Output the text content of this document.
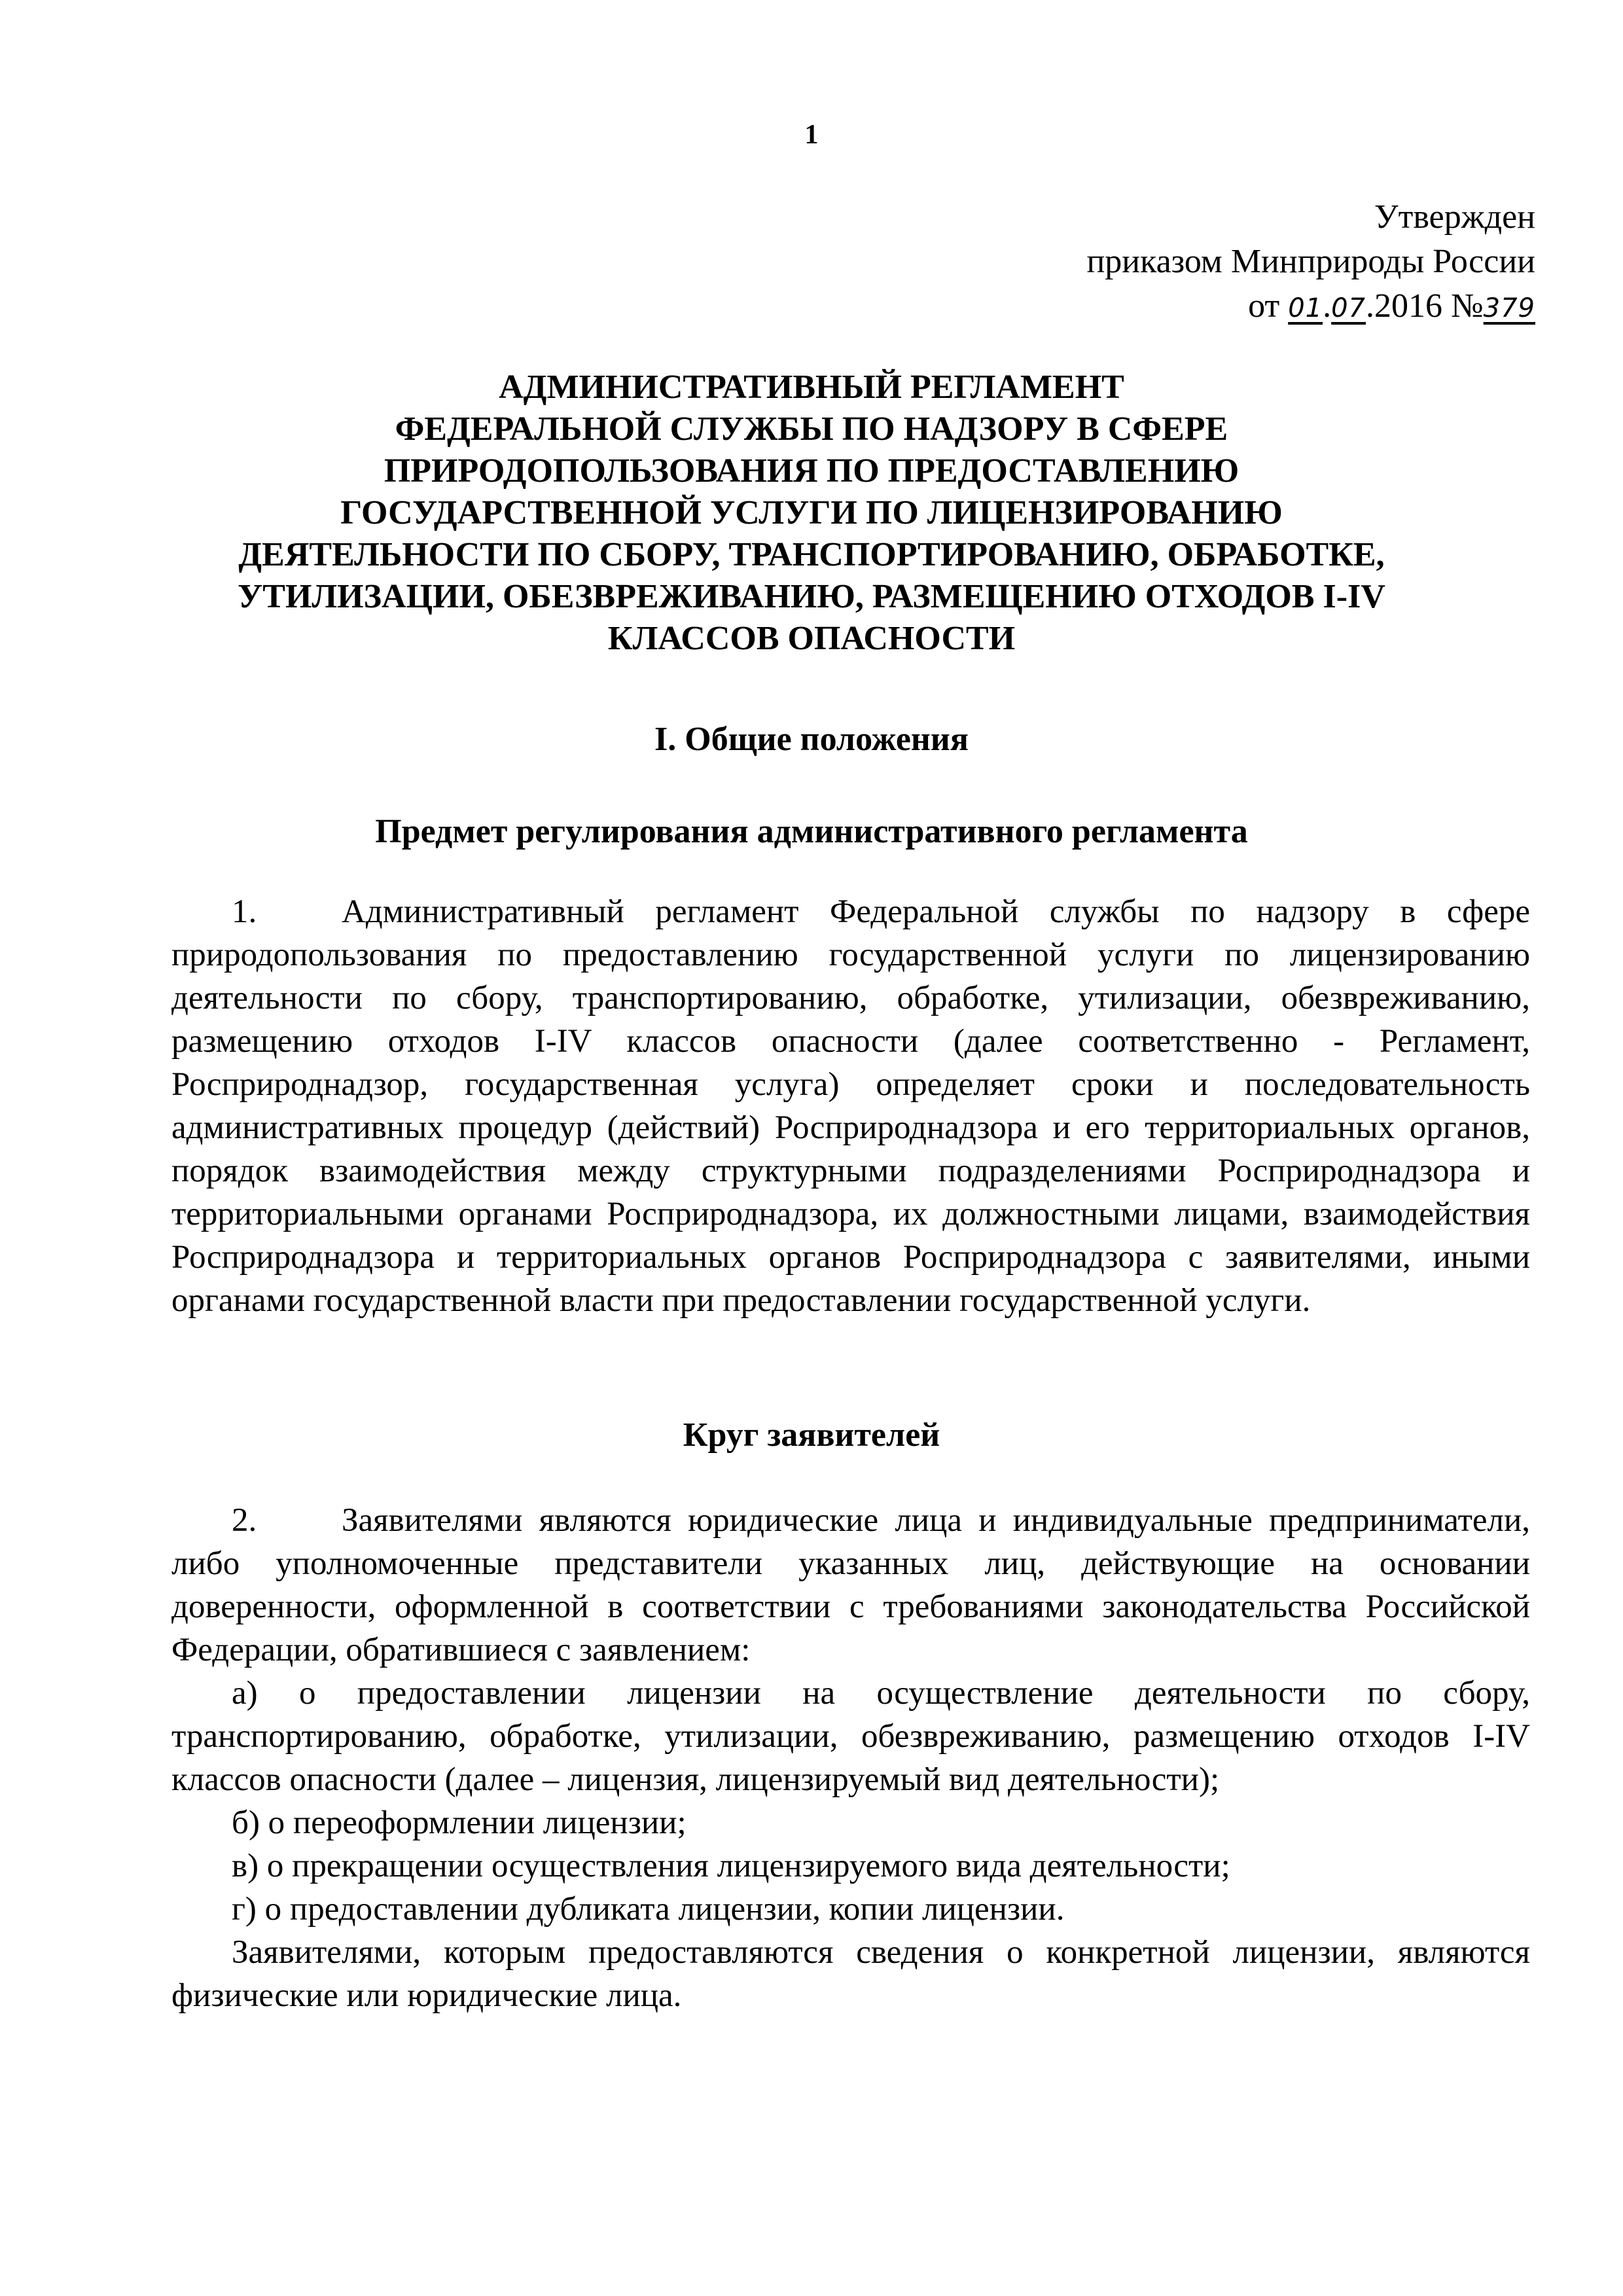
1
Утвержден
приказом Минприроды России
от 01.07.2016 №379
АДМИНИСТРАТИВНЫЙ РЕГЛАМЕНТ
ФЕДЕРАЛЬНОЙ СЛУЖБЫ ПО НАДЗОРУ В СФЕРЕ
ПРИРОДОПОЛЬЗОВАНИЯ ПО ПРЕДОСТАВЛЕНИЮ
ГОСУДАРСТВЕННОЙ УСЛУГИ ПО ЛИЦЕНЗИРОВАНИЮ
ДЕЯТЕЛЬНОСТИ ПО СБОРУ, ТРАНСПОРТИРОВАНИЮ, ОБРАБОТКЕ,
УТИЛИЗАЦИИ, ОБЕЗВРЕЖИВАНИЮ, РАЗМЕЩЕНИЮ ОТХОДОВ I-IV
КЛАССОВ ОПАСНОСТИ
I. Общие положения
Предмет регулирования административного регламента
1.	Административный регламент Федеральной службы по надзору в сфере природопользования по предоставлению государственной услуги по лицензированию деятельности по сбору, транспортированию, обработке, утилизации, обезвреживанию, размещению отходов I-IV классов опасности (далее соответственно - Регламент, Росприроднадзор, государственная услуга) определяет сроки и последовательность административных процедур (действий) Росприроднадзора и его территориальных органов, порядок взаимодействия между структурными подразделениями Росприроднадзора и территориальными органами Росприроднадзора, их должностными лицами, взаимодействия Росприроднадзора и территориальных органов Росприроднадзора с заявителями, иными органами государственной власти при предоставлении государственной услуги.
Круг заявителей
2.	Заявителями являются юридические лица и индивидуальные предприниматели, либо уполномоченные представители указанных лиц, действующие на основании доверенности, оформленной в соответствии с требованиями законодательства Российской Федерации, обратившиеся с заявлением:
а) о предоставлении лицензии на осуществление деятельности по сбору, транспортированию, обработке, утилизации, обезвреживанию, размещению отходов I-IV классов опасности (далее – лицензия, лицензируемый вид деятельности);
б) о переоформлении лицензии;
в) о прекращении осуществления лицензируемого вида деятельности;
г) о предоставлении дубликата лицензии, копии лицензии.
Заявителями, которым предоставляются сведения о конкретной лицензии, являются физические или юридические лица.
